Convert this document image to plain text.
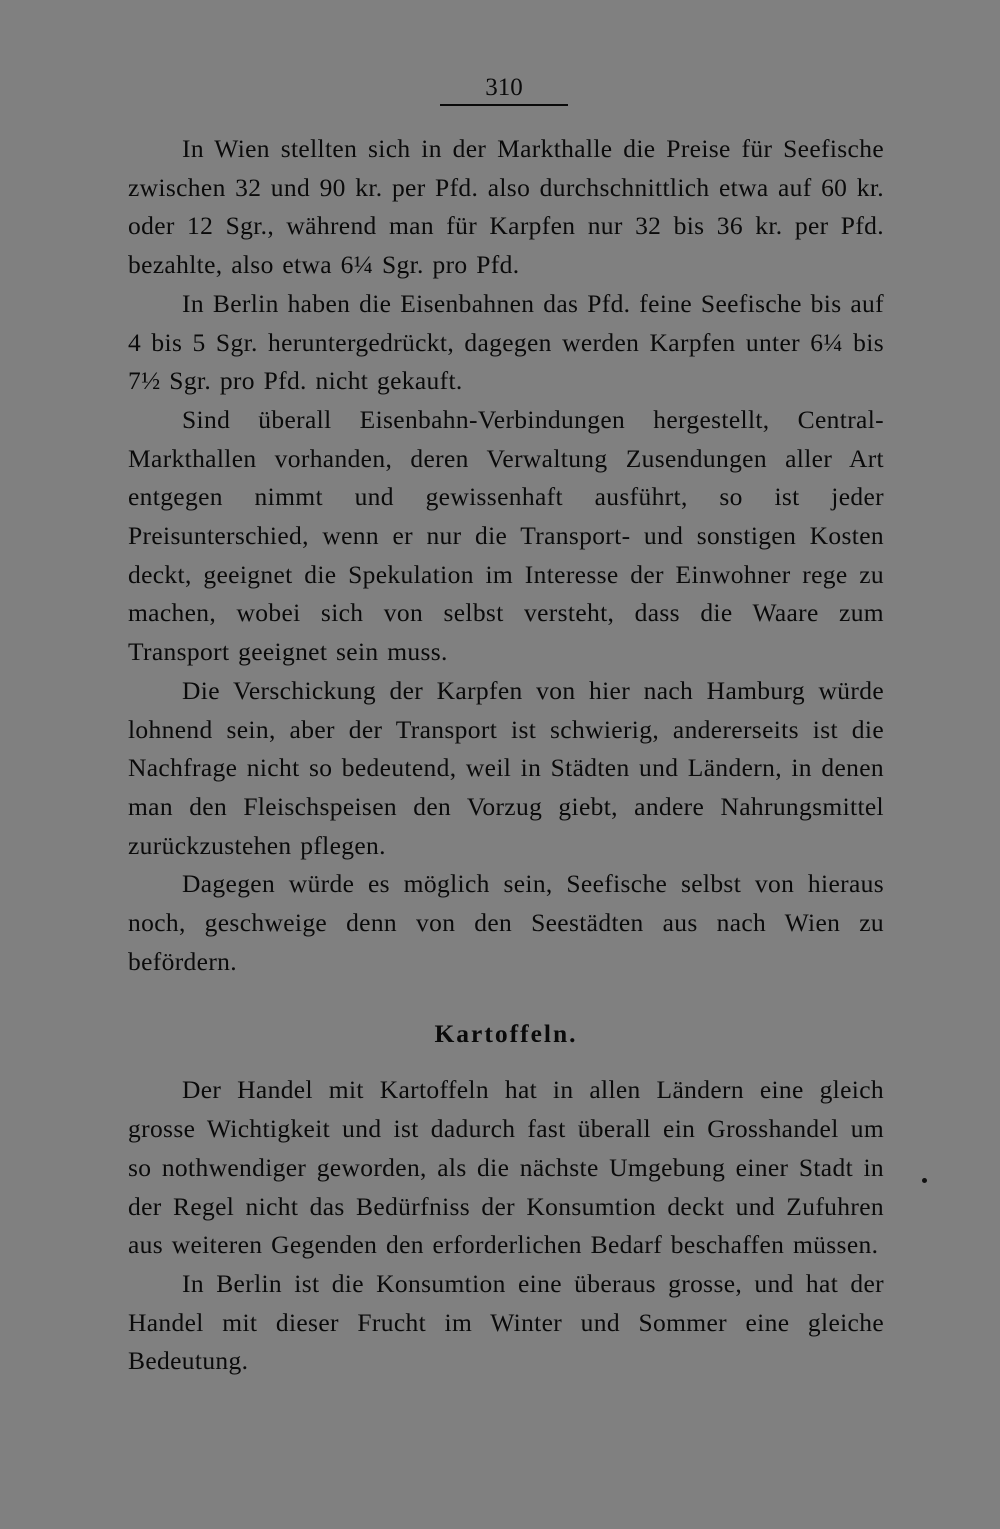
310

In Wien stellten sich in der Markthalle die Preise für Seefische zwischen 32 und 90 kr. per Pfd. also durchschnittlich etwa auf 60 kr. oder 12 Sgr., während man für Karpfen nur 32 bis 36 kr. per Pfd. bezahlte, also etwa 6¼ Sgr. pro Pfd.

In Berlin haben die Eisenbahnen das Pfd. feine Seefische bis auf 4 bis 5 Sgr. heruntergedrückt, dagegen werden Karpfen unter 6¼ bis 7½ Sgr. pro Pfd. nicht gekauft.

Sind überall Eisenbahn-Verbindungen hergestellt, Central-Markthallen vorhanden, deren Verwaltung Zusendungen aller Art entgegen nimmt und gewissenhaft ausführt, so ist jeder Preisunterschied, wenn er nur die Transport- und sonstigen Kosten deckt, geeignet die Spekulation im Interesse der Einwohner rege zu machen, wobei sich von selbst versteht, dass die Waare zum Transport geeignet sein muss.

Die Verschickung der Karpfen von hier nach Hamburg würde lohnend sein, aber der Transport ist schwierig, andererseits ist die Nachfrage nicht so bedeutend, weil in Städten und Ländern, in denen man den Fleischspeisen den Vorzug giebt, andere Nahrungsmittel zurückzustehen pflegen.

Dagegen würde es möglich sein, Seefische selbst von hieraus noch, geschweige denn von den Seestädten aus nach Wien zu befördern.

Kartoffeln.

Der Handel mit Kartoffeln hat in allen Ländern eine gleich grosse Wichtigkeit und ist dadurch fast überall ein Grosshandel um so nothwendiger geworden, als die nächste Umgebung einer Stadt in der Regel nicht das Bedürfniss der Konsumtion deckt und Zufuhren aus weiteren Gegenden den erforderlichen Bedarf beschaffen müssen.

In Berlin ist die Konsumtion eine überaus grosse, und hat der Handel mit dieser Frucht im Winter und Sommer eine gleiche Bedeutung.
